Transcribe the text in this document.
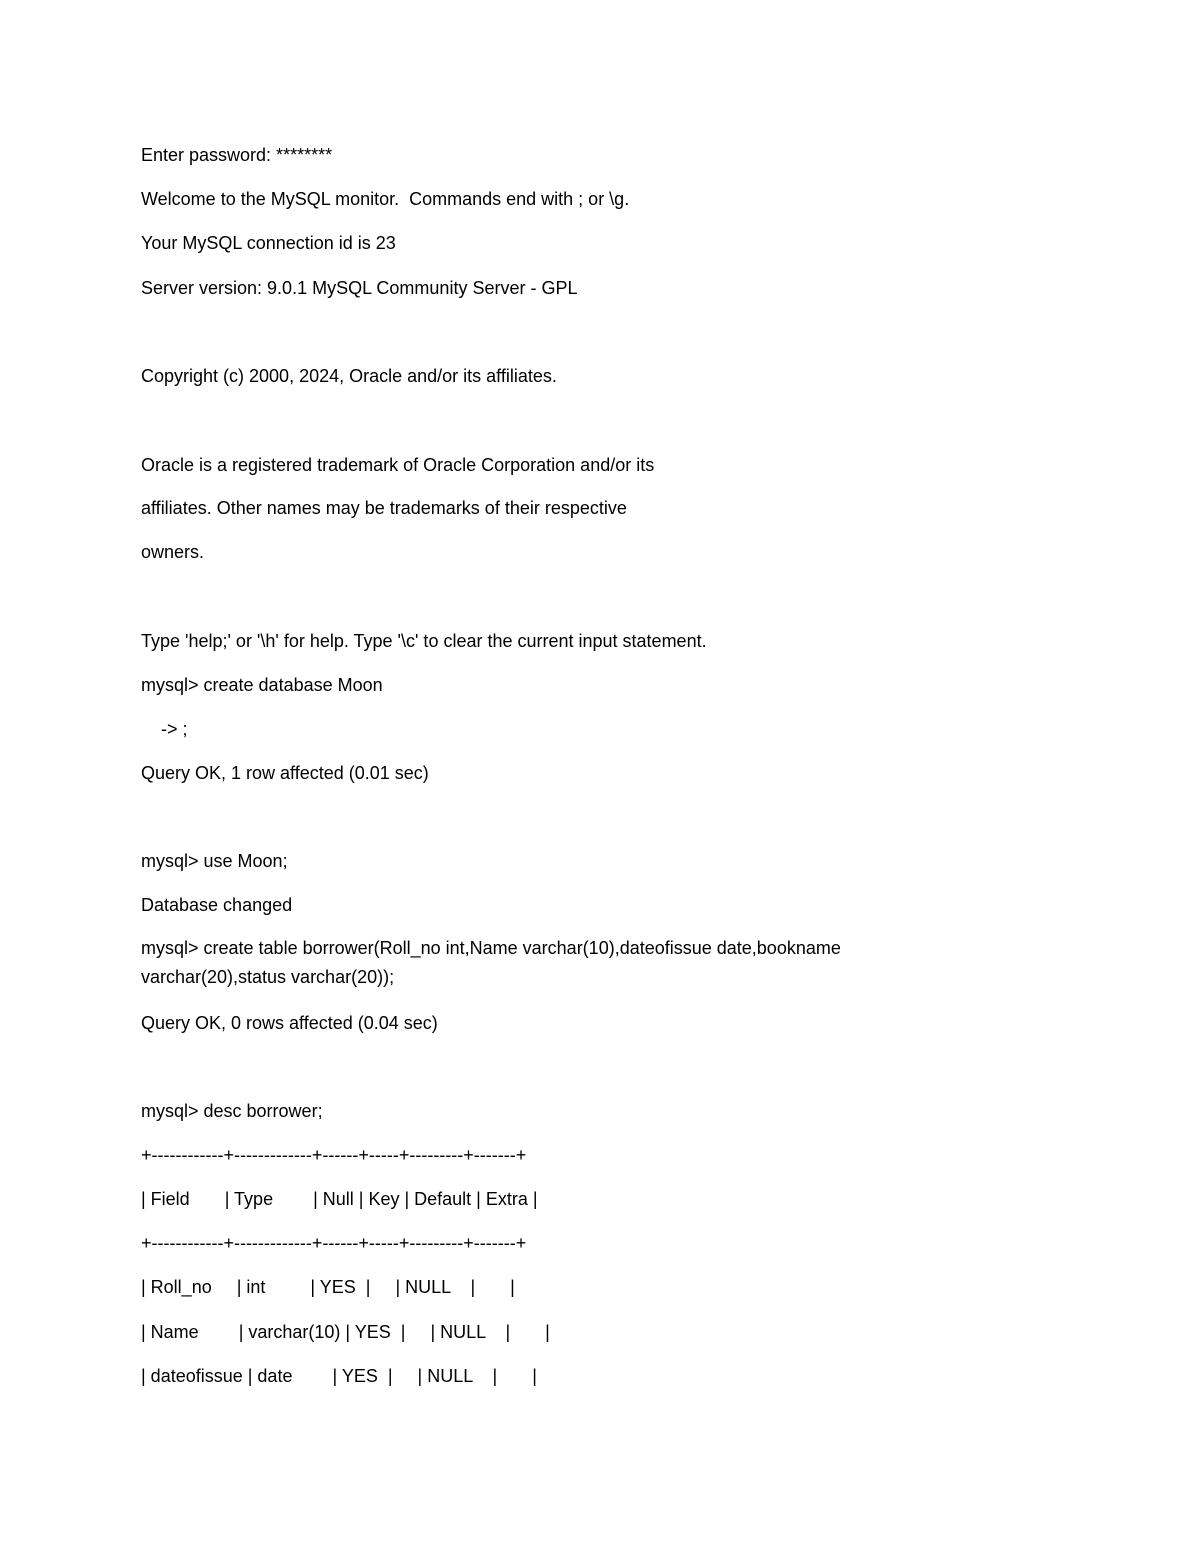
Enter password: ********
Welcome to the MySQL monitor.  Commands end with ; or \g.
Your MySQL connection id is 23
Server version: 9.0.1 MySQL Community Server - GPL
Copyright (c) 2000, 2024, Oracle and/or its affiliates.
Oracle is a registered trademark of Oracle Corporation and/or its
affiliates. Other names may be trademarks of their respective
owners.
Type 'help;' or '\h' for help. Type '\c' to clear the current input statement.
mysql> create database Moon
-> ;
Query OK, 1 row affected (0.01 sec)
mysql> use Moon;
Database changed
mysql> create table borrower(Roll_no int,Name varchar(10),dateofissue date,bookname varchar(20),status varchar(20));
Query OK, 0 rows affected (0.04 sec)
mysql> desc borrower;
+------------+-------------+------+-----+---------+-------+
| Field       | Type        | Null | Key | Default | Extra |
+------------+-------------+------+-----+---------+-------+
| Roll_no     | int         | YES  |     | NULL    |       |
| Name        | varchar(10) | YES  |     | NULL    |       |
| dateofissue | date        | YES  |     | NULL    |       |
